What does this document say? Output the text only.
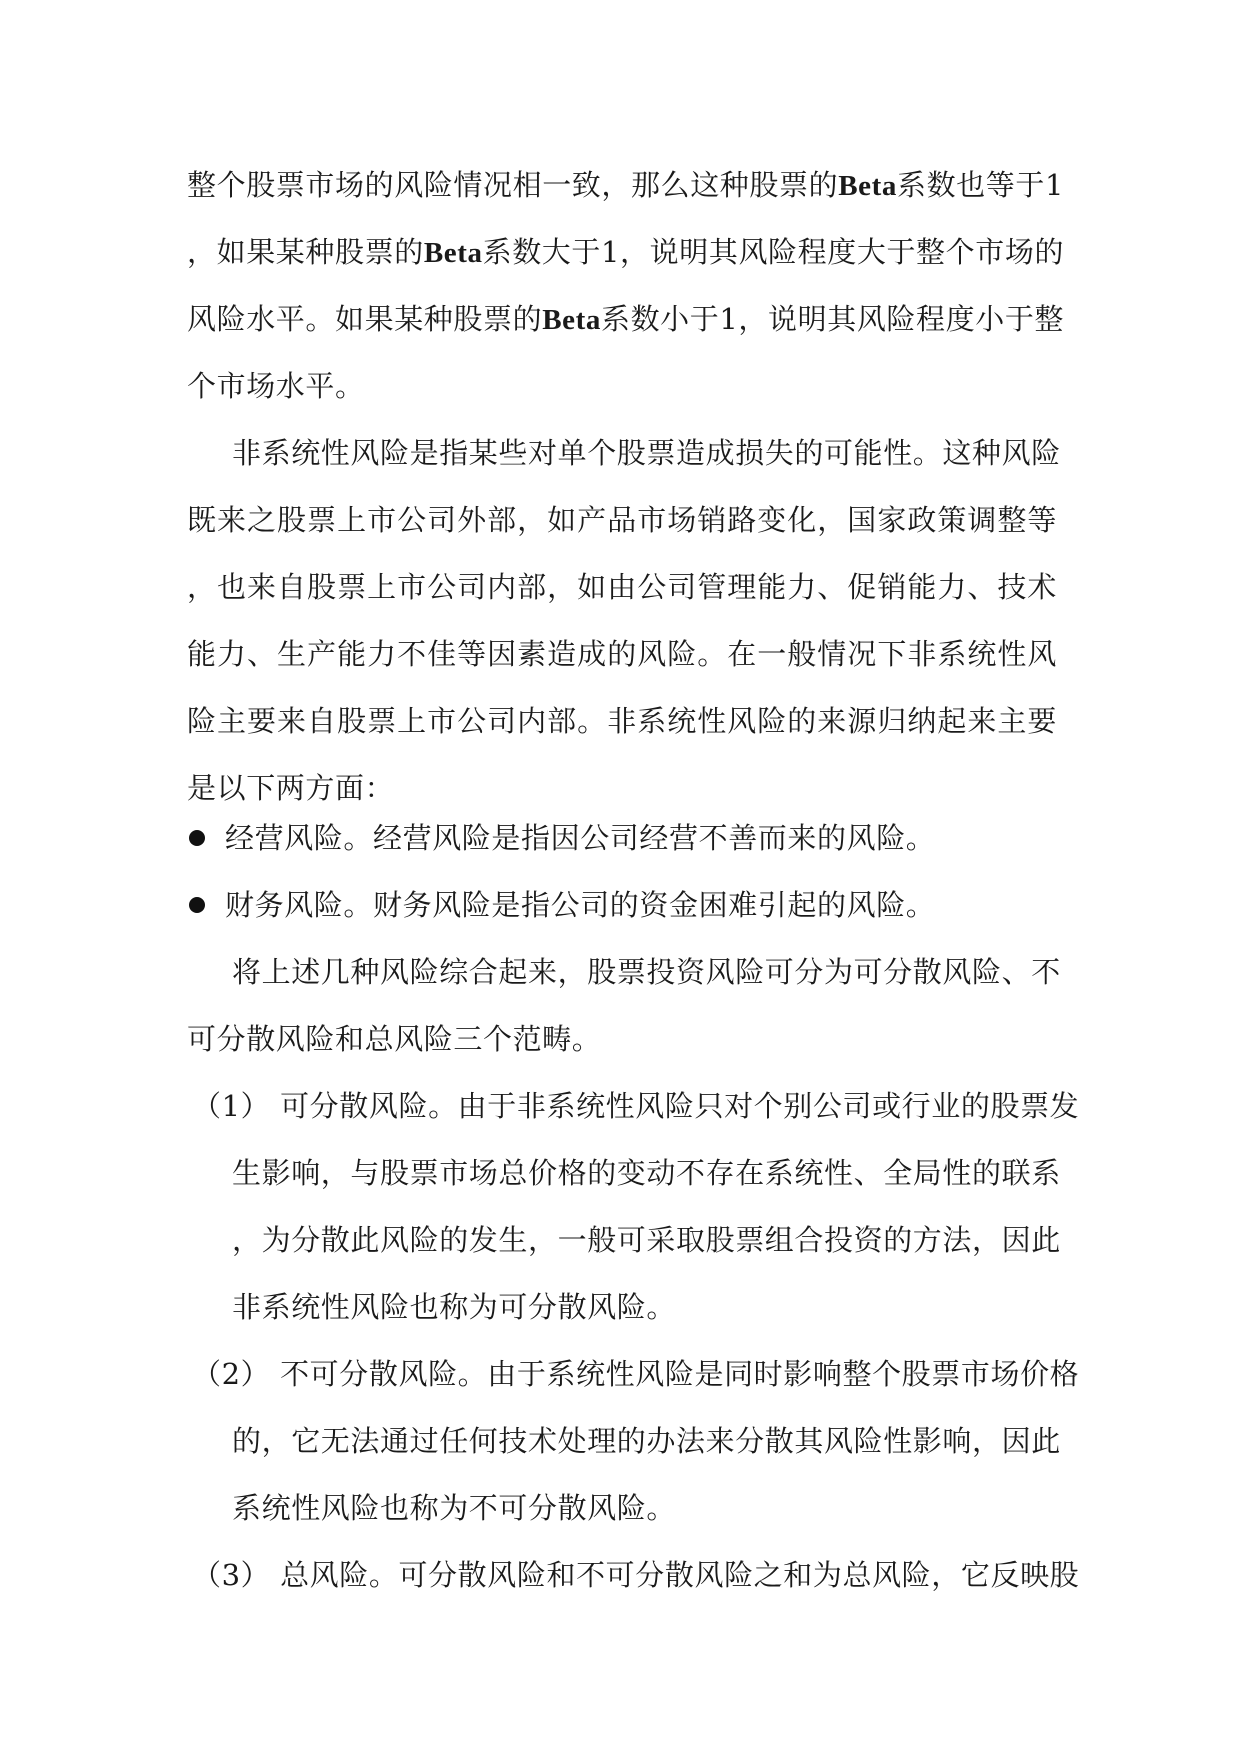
整个股票市场的风险情况相一致，那么这种股票的Beta系数也等于1
，如果某种股票的Beta系数大于1，说明其风险程度大于整个市场的
风险水平。如果某种股票的Beta系数小于1，说明其风险程度小于整
个市场水平。
非系统性风险是指某些对单个股票造成损失的可能性。这种风险
既来之股票上市公司外部，如产品市场销路变化，国家政策调整等
，也来自股票上市公司内部，如由公司管理能力、促销能力、技术
能力、生产能力不佳等因素造成的风险。在一般情况下非系统性风
险主要来自股票上市公司内部。非系统性风险的来源归纳起来主要
是以下两方面：
经营风险。经营风险是指因公司经营不善而来的风险。
财务风险。财务风险是指公司的资金困难引起的风险。
将上述几种风险综合起来，股票投资风险可分为可分散风险、不
可分散风险和总风险三个范畴。
（1） 可分散风险。由于非系统性风险只对个别公司或行业的股票发
生影响，与股票市场总价格的变动不存在系统性、全局性的联系
，为分散此风险的发生，一般可采取股票组合投资的方法，因此
非系统性风险也称为可分散风险。
（2） 不可分散风险。由于系统性风险是同时影响整个股票市场价格
的，它无法通过任何技术处理的办法来分散其风险性影响，因此
系统性风险也称为不可分散风险。
（3） 总风险。可分散风险和不可分散风险之和为总风险，它反映股
